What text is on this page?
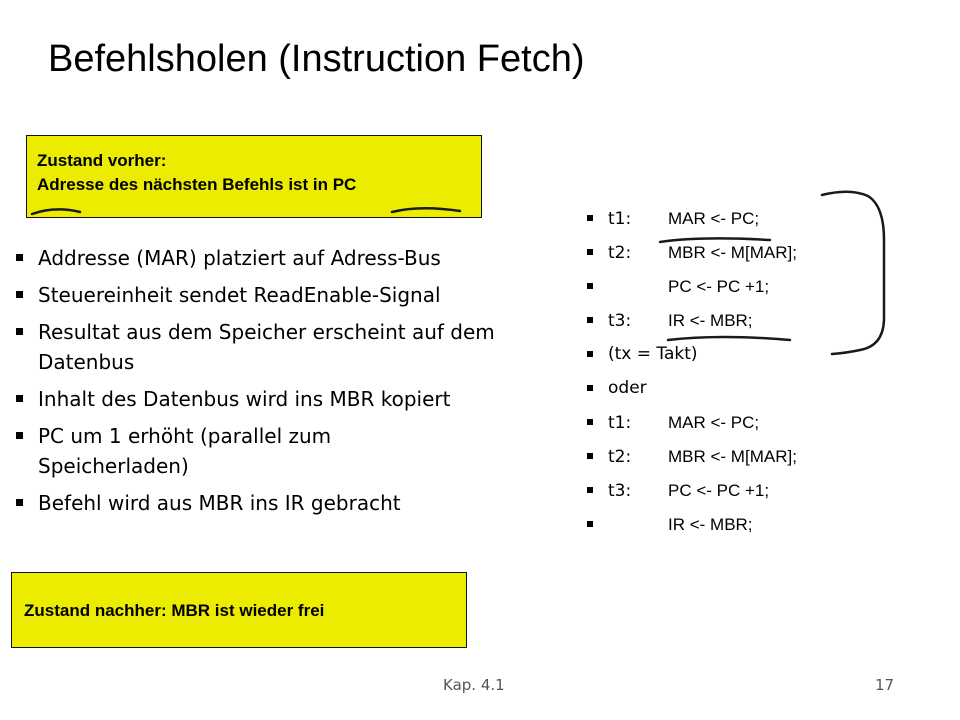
Befehlsholen (Instruction Fetch)
Zustand vorher:
Adresse des nächsten Befehls ist in PC
Addresse (MAR) platziert auf Adress-Bus
Steuereinheit sendet ReadEnable-Signal
Resultat aus dem Speicher erscheint auf dem Datenbus
Inhalt des Datenbus wird ins MBR kopiert
PC um 1 erhöht (parallel zum Speicherladen)
Befehl wird aus MBR ins IR gebracht
t1: MAR <- PC;
t2: MBR <- M[MAR];
PC <- PC +1;
t3: IR <- MBR;
(tx = Takt)
oder
t1: MAR <- PC;
t2: MBR <- M[MAR];
t3: PC <- PC +1;
IR <- MBR;
Zustand nachher: MBR ist wieder frei
Kap. 4.1	17
